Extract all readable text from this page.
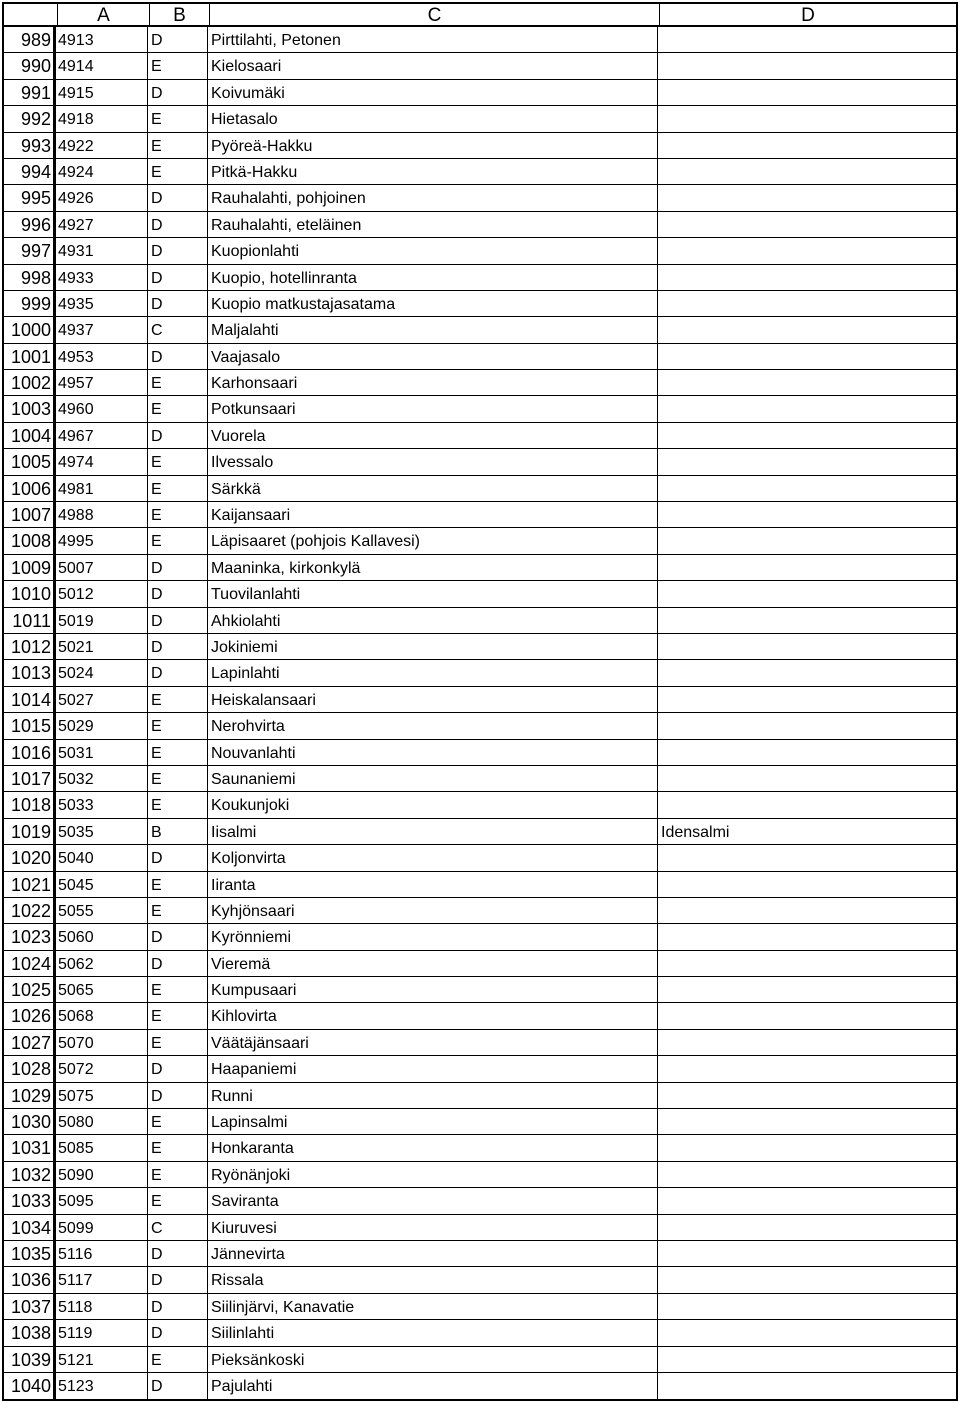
A	B	C	D
989 4913	D	Pirttilahti, Petonen
990 4914	E	Kielosaari
991 4915	D	Koivumäki
992 4918	E	Hietasalo
993 4922	E	Pyöreä-Hakku
994 4924	E	Pitkä-Hakku
995 4926	D	Rauhalahti, pohjoinen
996 4927	D	Rauhalahti, eteläinen
997 4931	D	Kuopionlahti
998 4933	D	Kuopio, hotellinranta
999 4935	D	Kuopio matkustajasatama
1000 4937	C	Maljalahti
1001 4953	D	Vaajasalo
1002 4957	E	Karhonsaari
1003 4960	E	Potkunsaari
1004 4967	D	Vuorela
1005 4974	E	Ilvessalo
1006 4981	E	Särkkä
1007 4988	E	Kaijansaari
1008 4995	E	Läpisaaret (pohjois Kallavesi)
1009 5007	D	Maaninka, kirkonkylä
1010 5012	D	Tuovilanlahti
1011 5019	D	Ahkiolahti
1012 5021	D	Jokiniemi
1013 5024	D	Lapinlahti
1014 5027	E	Heiskalansaari
1015 5029	E	Nerohvirta
1016 5031	E	Nouvanlahti
1017 5032	E	Saunaniemi
1018 5033	E	Koukunjoki
1019 5035	B	Iisalmi	Idensalmi
1020 5040	D	Koljonvirta
1021 5045	E	Iiranta
1022 5055	E	Kyhjönsaari
1023 5060	D	Kyrönniemi
1024 5062	D	Vieremä
1025 5065	E	Kumpusaari
1026 5068	E	Kihlovirta
1027 5070	E	Väätäjänsaari
1028 5072	D	Haapaniemi
1029 5075	D	Runni
1030 5080	E	Lapinsalmi
1031 5085	E	Honkaranta
1032 5090	E	Ryönänjoki
1033 5095	E	Saviranta
1034 5099	C	Kiuruvesi
1035 5116	D	Jännevirta
1036 5117	D	Rissala
1037 5118	D	Siilinjärvi, Kanavatie
1038 5119	D	Siilinlahti
1039 5121	E	Pieksänkoski
1040 5123	D	Pajulahti
